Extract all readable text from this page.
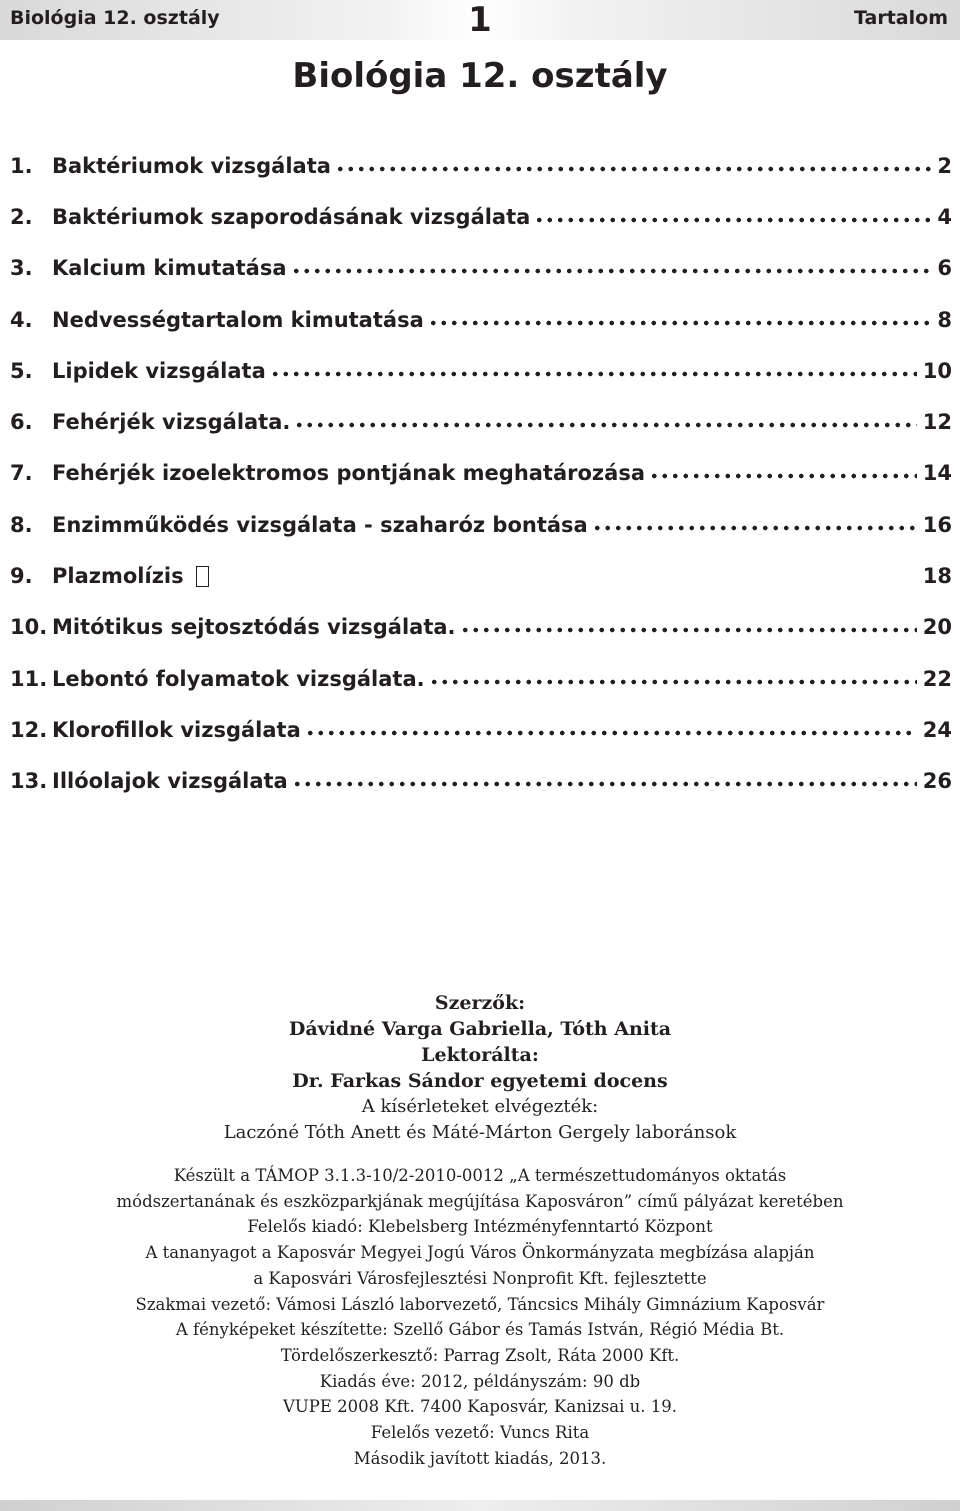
Biológia 12. osztály	1	Tartalom
Biológia 12. osztály
1. Baktériumok vizsgálata	2
2. Baktériumok szaporodásának vizsgálata	4
3. Kalcium kimutatása	6
4. Nedvességtartalom kimutatása	8
5. Lipidek vizsgálata	10
6. Fehérjék vizsgálata.	12
7. Fehérjék izoelektromos pontjának meghatározása	14
8. Enzimműködés vizsgálata - szaharóz bontása	16
9. Plazmolízis	18
10. Mitótikus sejtosztódás vizsgálata.	20
11. Lebontó folyamatok vizsgálata.	22
12. Klorofillok vizsgálata	24
13. Illóolajok vizsgálata	26
Szerzők:
Dávidné Varga Gabriella, Tóth Anita
Lektorálta:
Dr. Farkas Sándor egyetemi docens
A kísérleteket elvégezték:
Laczóné Tóth Anett és Máté-Márton Gergely laboránsok
Készült a TÁMOP 3.1.3-10/2-2010-0012 „A természettudományos oktatás
módszertanának és eszközparkjának megújítása Kaposváron” című pályázat keretében
Felelős kiadó: Klebelsberg Intézményfenntartó Központ
A tananyagot a Kaposvár Megyei Jogú Város Önkormányzata megbízása alapján
a Kaposvári Városfejlesztési Nonprofit Kft. fejlesztette
Szakmai vezető: Vámosi László laborvezető, Táncsics Mihály Gimnázium Kaposvár
A fényképeket készítette: Szellő Gábor és Tamás István, Régió Média Bt.
Tördelőszerkesztő: Parrag Zsolt, Ráta 2000 Kft.
Kiadás éve: 2012, példányszám: 90 db
VUPE 2008 Kft. 7400 Kaposvár, Kanizsai u. 19.
Felelős vezető: Vuncs Rita
Második javított kiadás, 2013.
